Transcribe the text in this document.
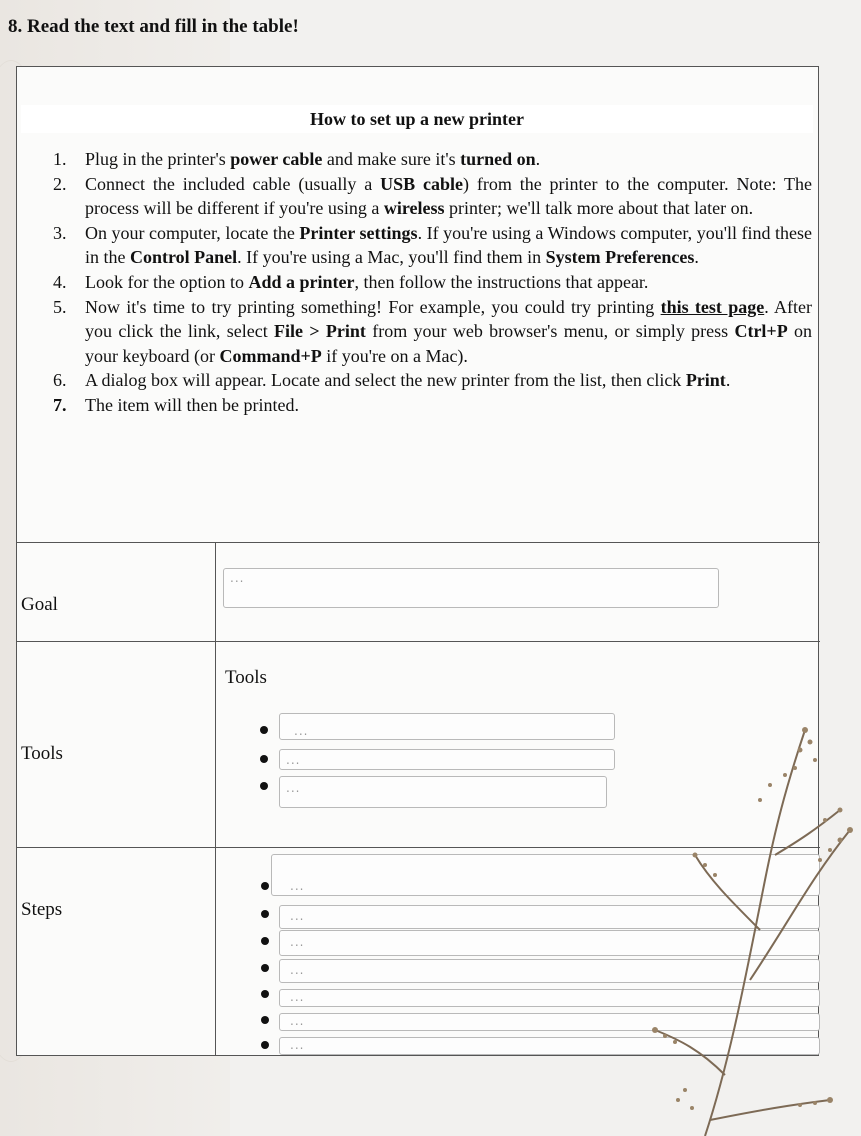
8. Read the text and fill in the table!
How to set up a new printer
1. Plug in the printer's power cable and make sure it's turned on.
2. Connect the included cable (usually a USB cable) from the printer to the computer. Note: The process will be different if you're using a wireless printer; we'll talk more about that later on.
3. On your computer, locate the Printer settings. If you're using a Windows computer, you'll find these in the Control Panel. If you're using a Mac, you'll find them in System Preferences.
4. Look for the option to Add a printer, then follow the instructions that appear.
5. Now it's time to try printing something! For example, you could try printing this test page. After you click the link, select File > Print from your web browser's menu, or simply press Ctrl+P on your keyboard (or Command+P if you're on a Mac).
6. A dialog box will appear. Locate and select the new printer from the list, then click Print.
7. The item will then be printed.
Goal
Tools
Steps
...
Tools
...
...
...
...
...
...
...
...
...
...
